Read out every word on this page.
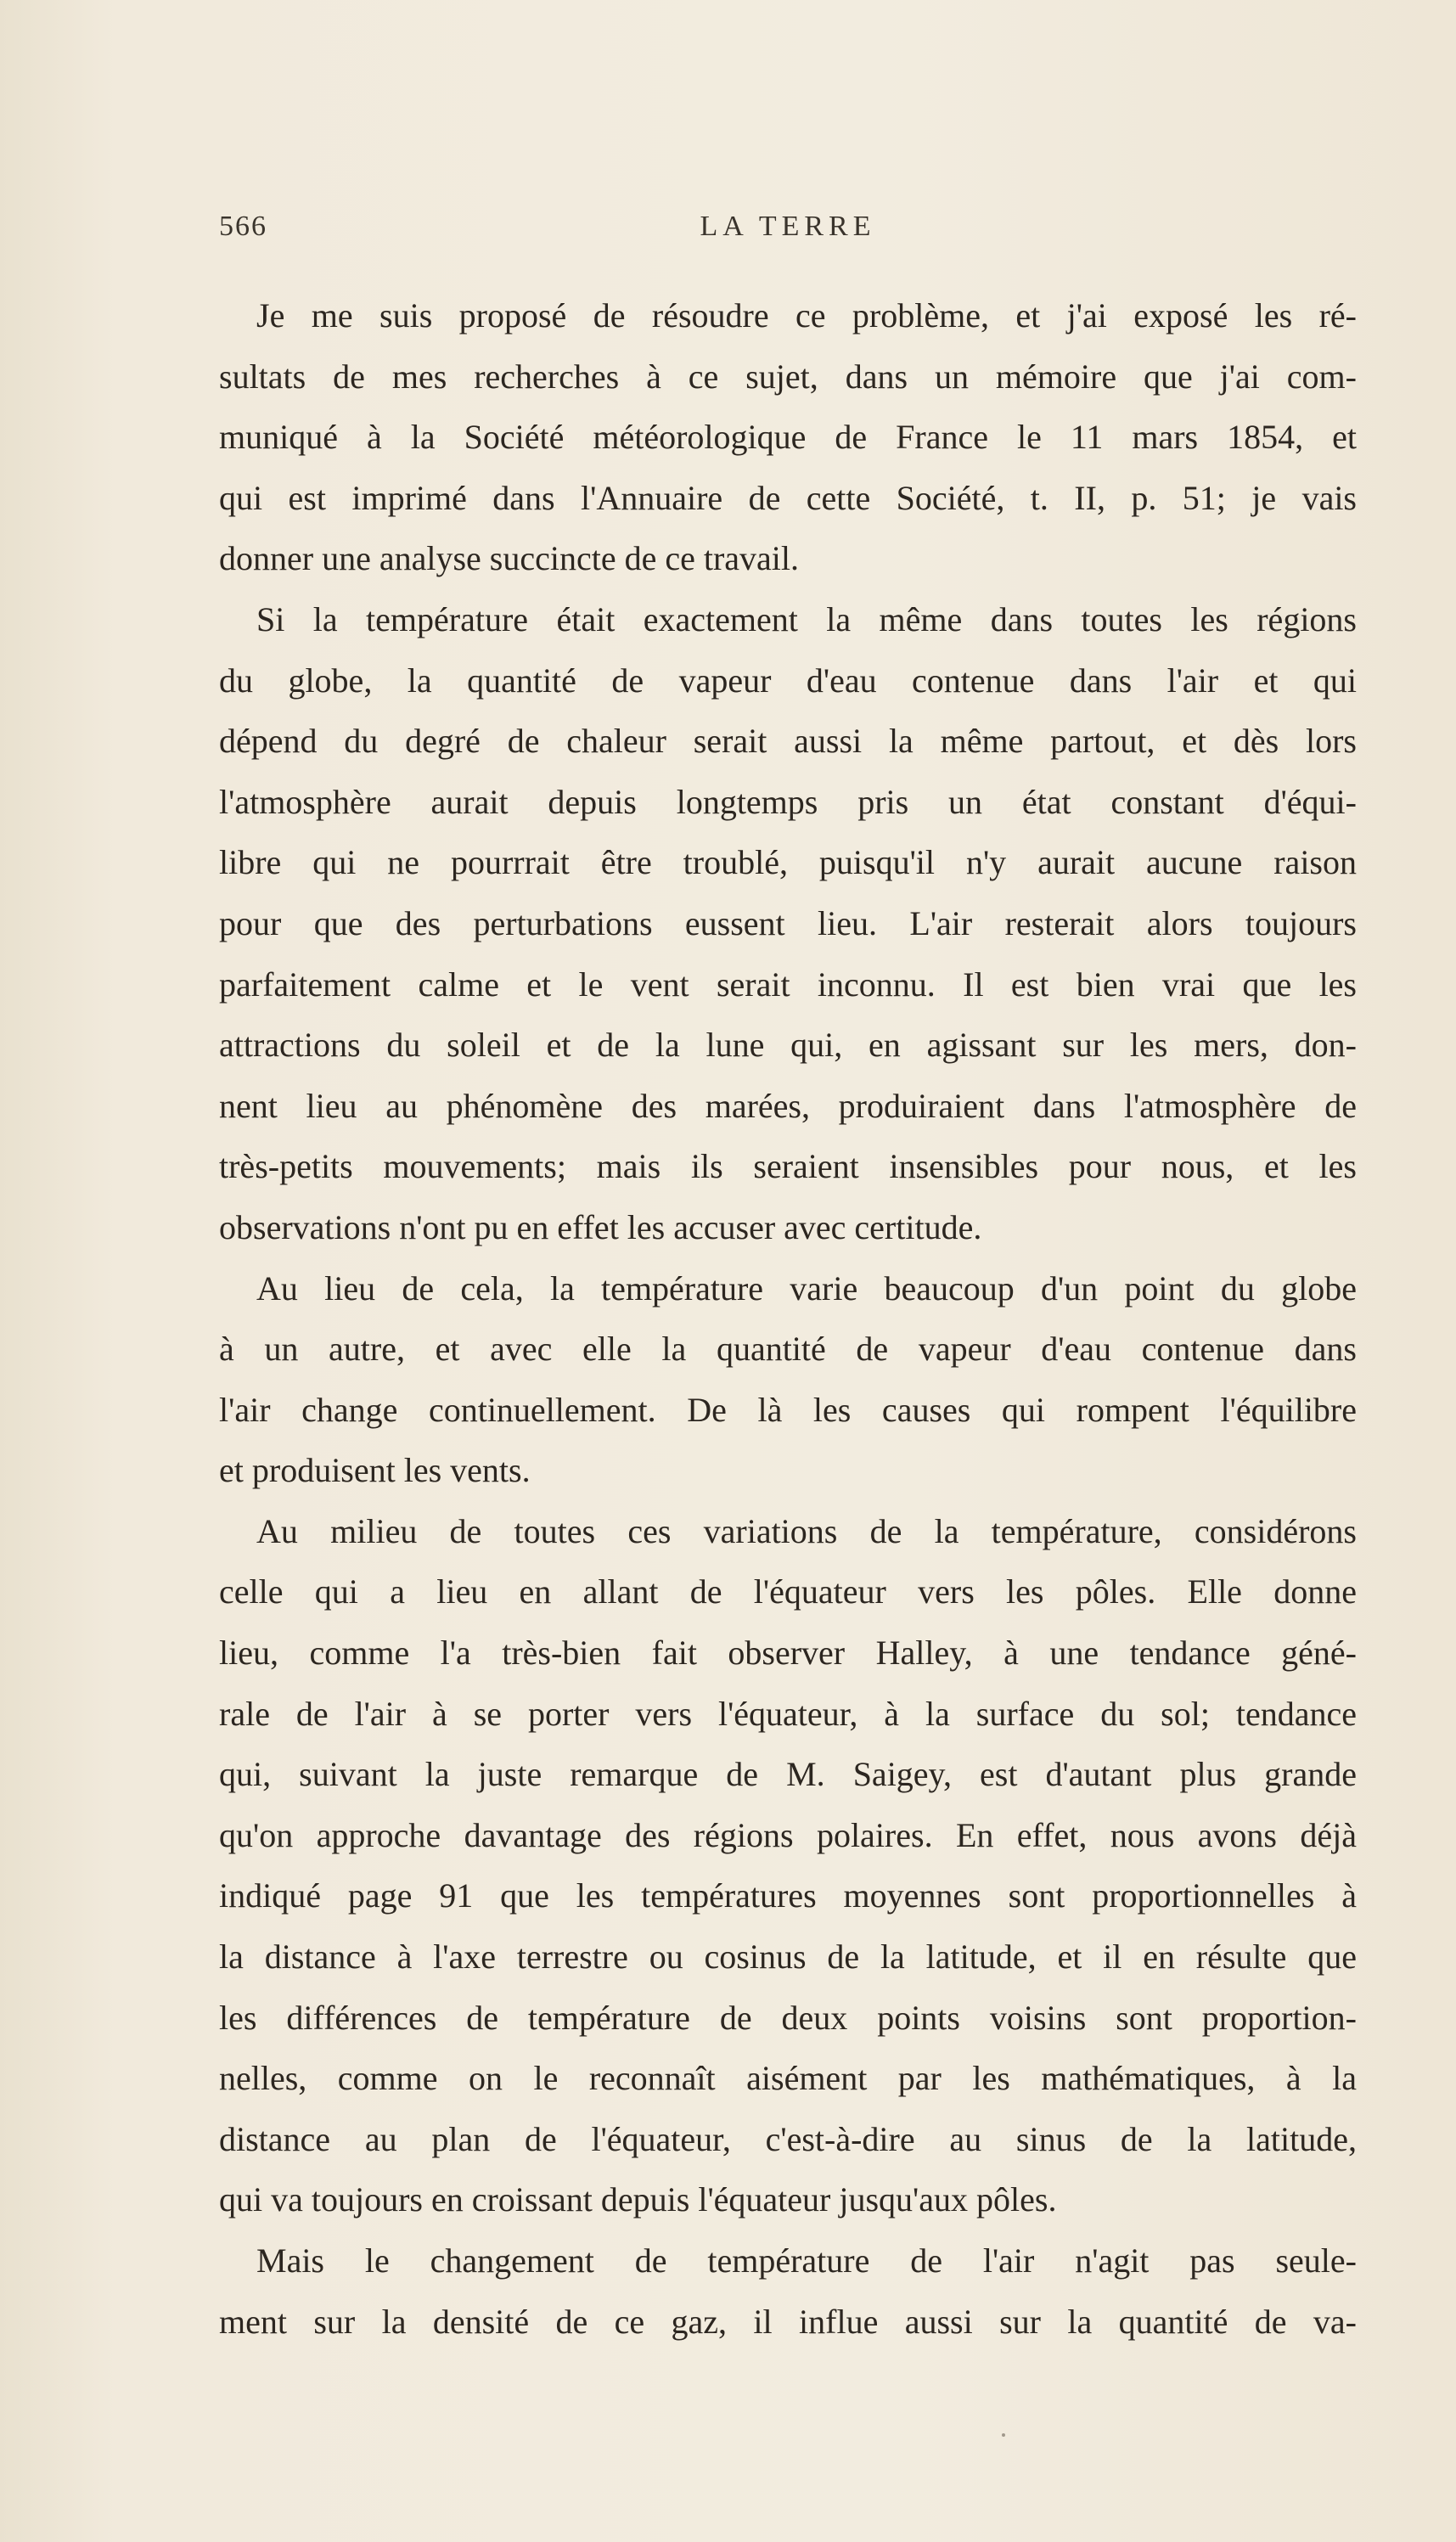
566	LA TERRE
Je me suis proposé de résoudre ce problème, et j'ai exposé les ré-
sultats de mes recherches à ce sujet, dans un mémoire que j'ai com-
muniqué à la Société météorologique de France le 11 mars 1854, et
qui est imprimé dans l'Annuaire de cette Société, t. II, p. 51; je vais
donner une analyse succincte de ce travail.
Si la température était exactement la même dans toutes les régions
du globe, la quantité de vapeur d'eau contenue dans l'air et qui
dépend du degré de chaleur serait aussi la même partout, et dès lors
l'atmosphère aurait depuis longtemps pris un état constant d'équi-
libre qui ne pourrrait être troublé, puisqu'il n'y aurait aucune raison
pour que des perturbations eussent lieu. L'air resterait alors toujours
parfaitement calme et le vent serait inconnu. Il est bien vrai que les
attractions du soleil et de la lune qui, en agissant sur les mers, don-
nent lieu au phénomène des marées, produiraient dans l'atmosphère de
très-petits mouvements; mais ils seraient insensibles pour nous, et les
observations n'ont pu en effet les accuser avec certitude.
Au lieu de cela, la température varie beaucoup d'un point du globe
à un autre, et avec elle la quantité de vapeur d'eau contenue dans
l'air change continuellement. De là les causes qui rompent l'équilibre
et produisent les vents.
Au milieu de toutes ces variations de la température, considérons
celle qui a lieu en allant de l'équateur vers les pôles. Elle donne
lieu, comme l'a très-bien fait observer Halley, à une tendance géné-
rale de l'air à se porter vers l'équateur, à la surface du sol; tendance
qui, suivant la juste remarque de M. Saigey, est d'autant plus grande
qu'on approche davantage des régions polaires. En effet, nous avons déjà
indiqué page 91 que les températures moyennes sont proportionnelles à
la distance à l'axe terrestre ou cosinus de la latitude, et il en résulte que
les différences de température de deux points voisins sont proportion-
nelles, comme on le reconnaît aisément par les mathématiques, à la
distance au plan de l'équateur, c'est-à-dire au sinus de la latitude,
qui va toujours en croissant depuis l'équateur jusqu'aux pôles.
Mais le changement de température de l'air n'agit pas seule-
ment sur la densité de ce gaz, il influe aussi sur la quantité de va-
